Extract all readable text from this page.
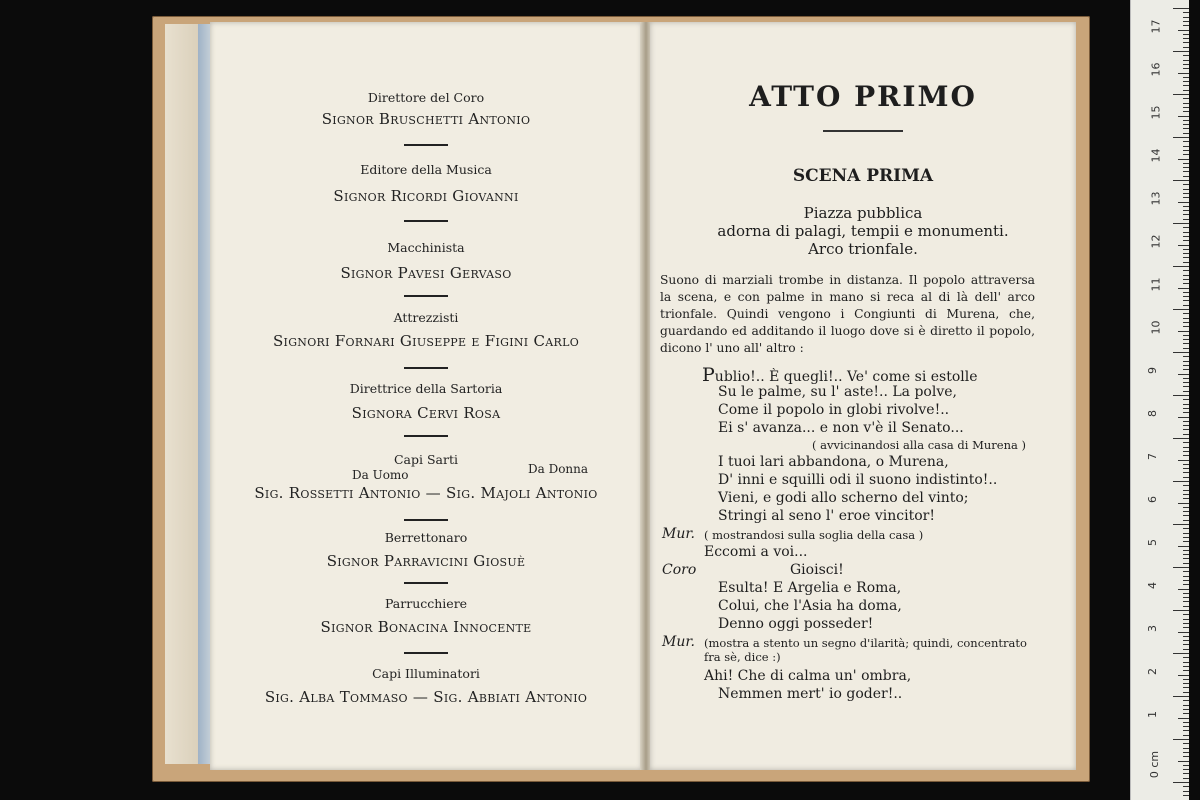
Direttore del Coro
Signor Bruschetti Antonio
Editore della Musica
Signor Ricordi Giovanni
Macchinista
Signor Pavesi Gervaso
Attrezzisti
Signori Fornari Giuseppe e Figini Carlo
Direttrice della Sartoria
Signora Cervi Rosa
Capi Sarti
Da Uomo	Da Donna
Sig. Rossetti Antonio — Sig. Majoli Antonio
Berrettonaro
Signor Parravicini Giosuè
Parrucchiere
Signor Bonacina Innocente
Capi Illuminatori
Sig. Alba Tommaso — Sig. Abbiati Antonio
ATTO PRIMO
SCENA PRIMA
Piazza pubblica
adorna di palagi, tempii e monumenti.
Arco trionfale.
Suono di marziali trombe in distanza. Il popolo attraversa la scena, e con palme in mano si reca al di là dell' arco trionfale. Quindi vengono i Congiunti di Murena, che, guardando ed additando il luogo dove si è diretto il popolo, dicono l' uno all' altro :
Publio!.. È quegli!.. Ve' come si estolle
Su le palme, su l' aste!.. La polve,
Come il popolo in globi rivolve!..
Ei s' avanza... e non v'è il Senato...
( avvicinandosi alla casa di Murena )
I tuoi lari abbandona, o Murena,
D' inni e squilli odi il suono indistinto!..
Vieni, e godi allo scherno del vinto;
Stringi al seno l' eroe vincitor!
Mur. ( mostrandosi sulla soglia della casa )
Eccomi a voi...
Coro	Gioisci!
Esulta! E Argelia e Roma,
Colui, che l'Asia ha doma,
Denno oggi posseder!
Mur. (mostra a stento un segno d'ilarità; quindi, concentrato
fra sè, dice :)
Ahi! Che di calma un' ombra,
Nemmen mert' io goder!..
17
16
15
14
13
12
11
10
9
8
7
6
5
4
3
2
1
0 cm
